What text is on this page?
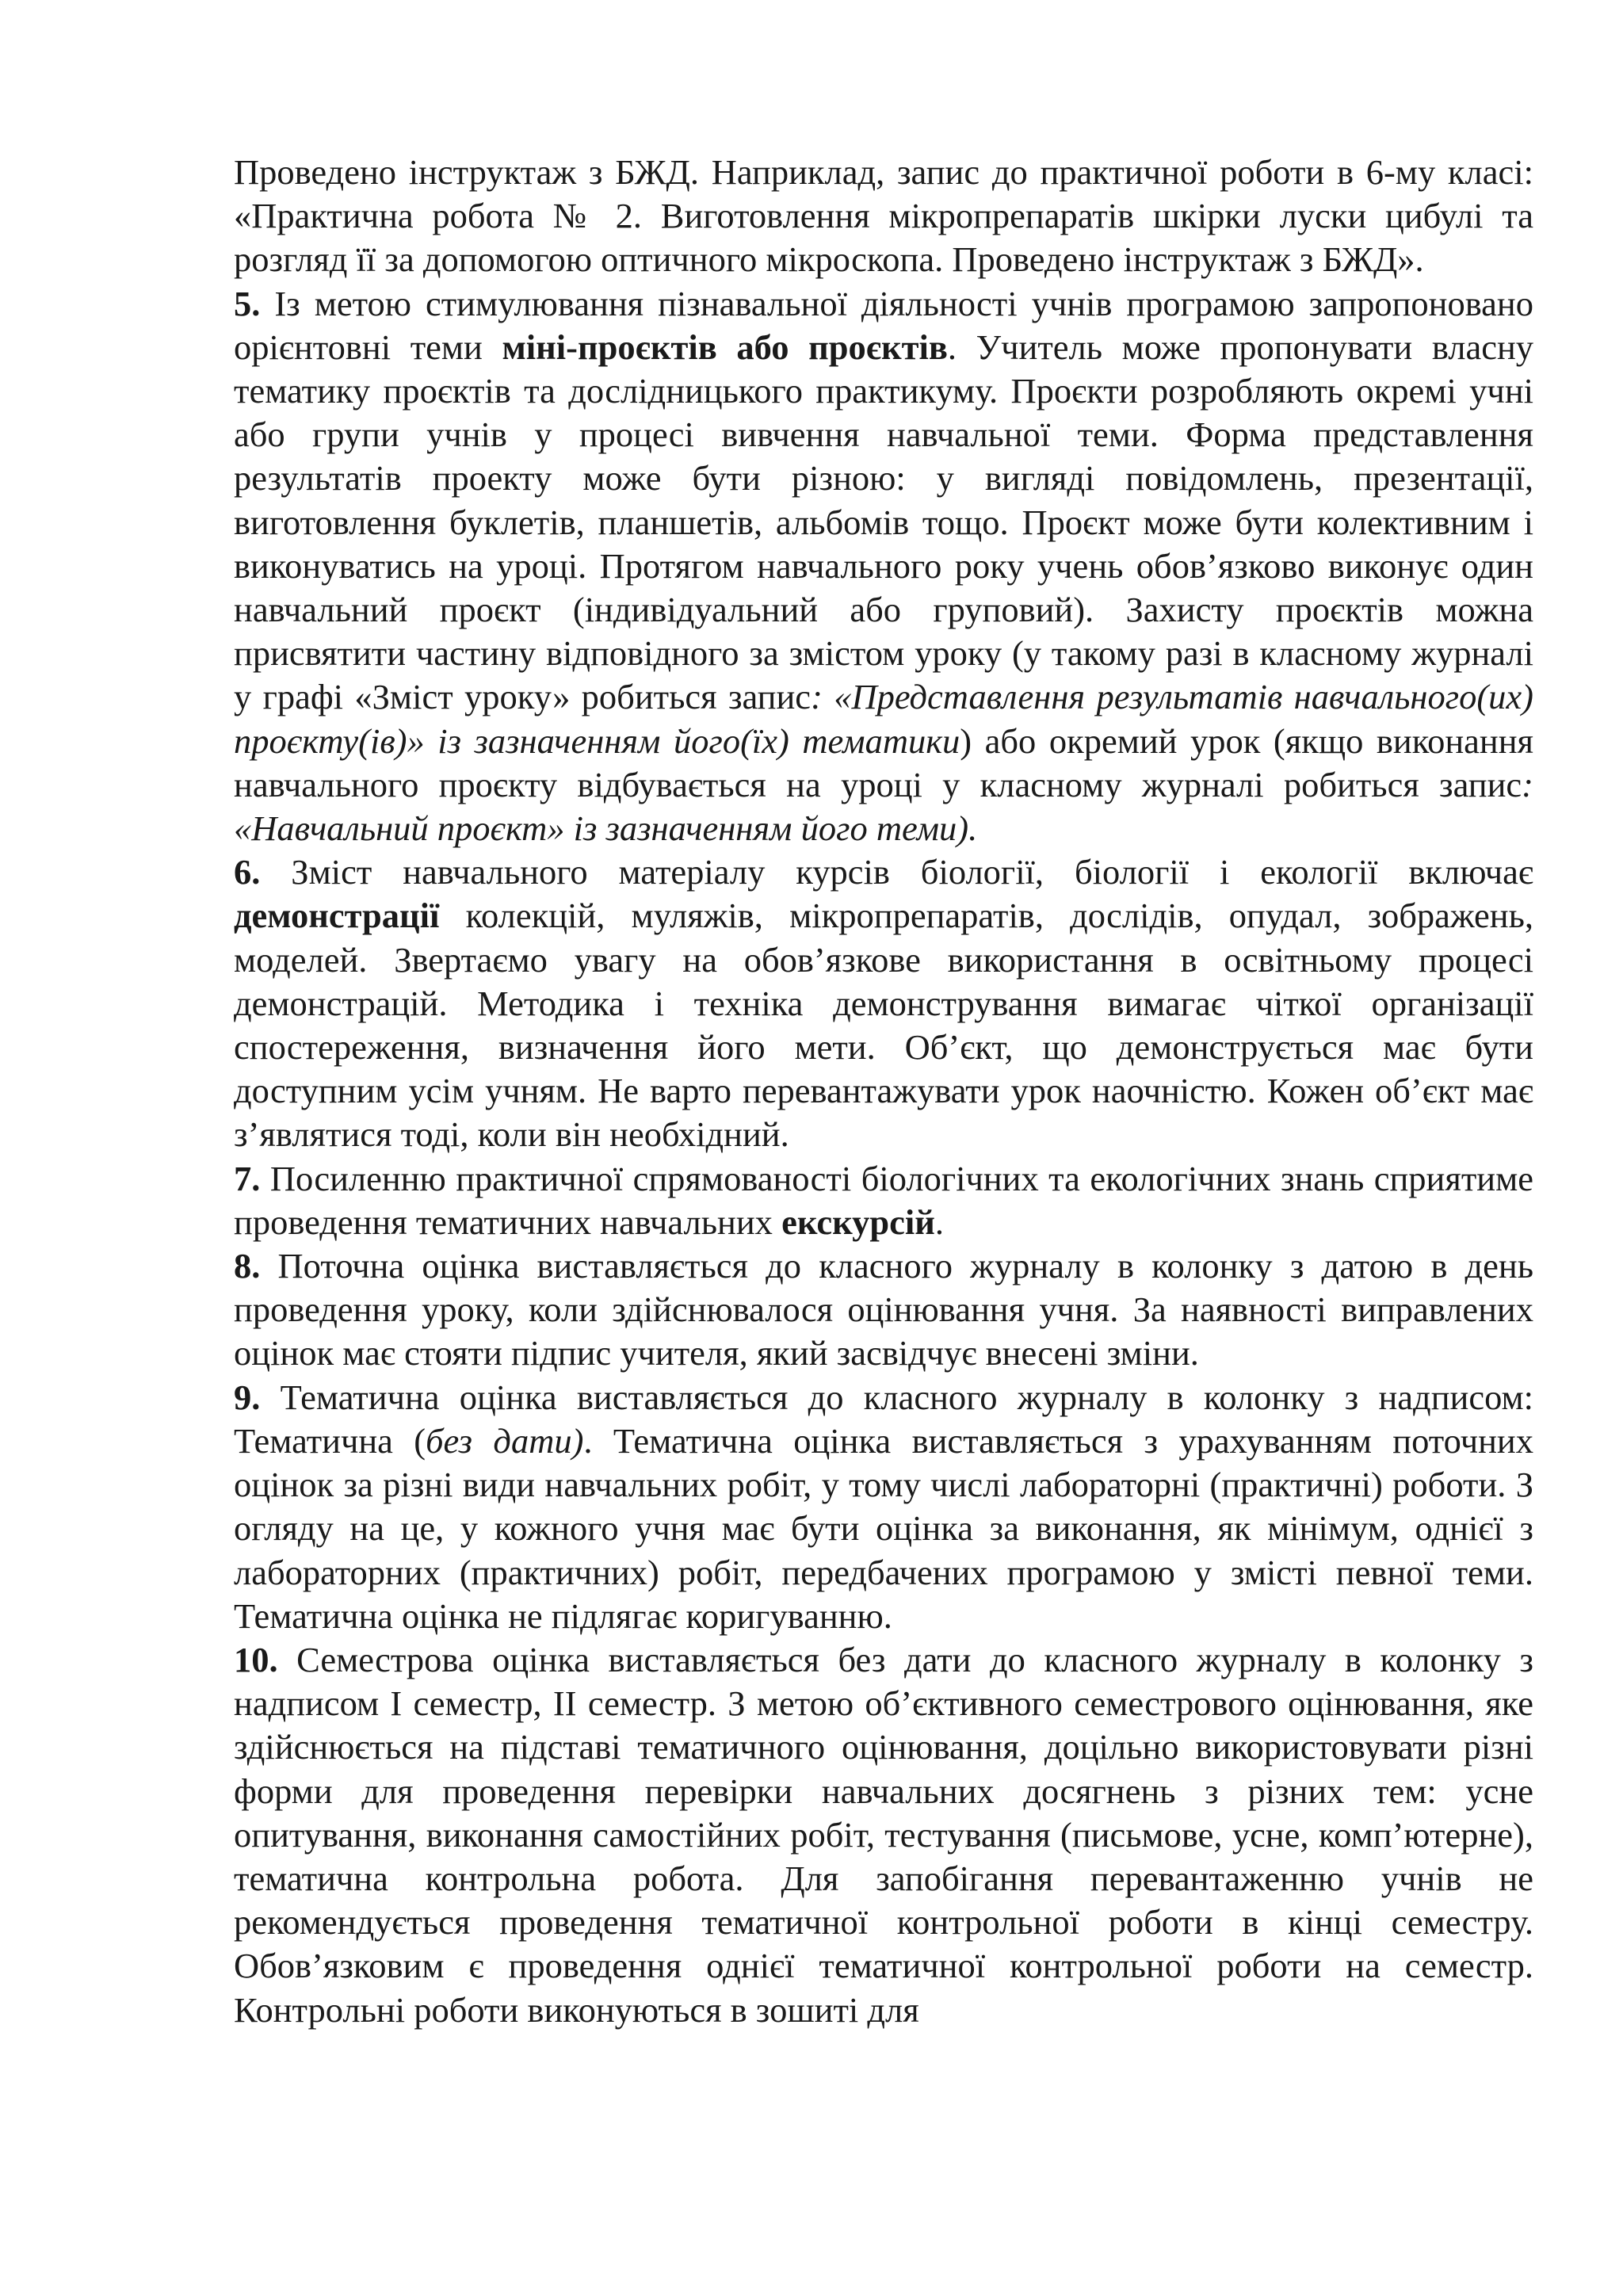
Проведено інструктаж з БЖД. Наприклад, запис до практичної роботи в 6-му класі: «Практична робота № 2. Виготовлення мікропрепаратів шкірки луски цибулі та розгляд її за допомогою оптичного мікроскопа. Проведено інструктаж з БЖД».

5. Із метою стимулювання пізнавальної діяльності учнів програмою запропоновано орієнтовні теми міні-проєктів або проєктів. Учитель може пропонувати власну тематику проєктів та дослідницького практикуму. Проєкти розробляють окремі учні або групи учнів у процесі вивчення навчальної теми. Форма представлення результатів проекту може бути різною: у вигляді повідомлень, презентації, виготовлення буклетів, планшетів, альбомів тощо. Проєкт може бути колективним і виконуватись на уроці. Протягом навчального року учень обов’язково виконує один навчальний проєкт (індивідуальний або груповий). Захисту проєктів можна присвятити частину відповідного за змістом уроку (у такому разі в класному журналі у графі «Зміст уроку» робиться запис: «Представлення результатів навчального(их) проєкту(ів)» із зазначенням його(їх) тематики) або окремий урок (якщо виконання навчального проєкту відбувається на уроці у класному журналі робиться запис: «Навчальний проєкт» із зазначенням його теми).

6. Зміст навчального матеріалу курсів біології, біології і екології включає демонстрації колекцій, муляжів, мікропрепаратів, дослідів, опудал, зображень, моделей. Звертаємо увагу на обов’язкове використання в освітньому процесі демонстрацій. Методика і техніка демонстрування вимагає чіткої організації спостереження, визначення його мети. Об’єкт, що демонструється має бути доступним усім учням. Не варто перевантажувати урок наочністю. Кожен об’єкт має з’являтися тоді, коли він необхідний.

7. Посиленню практичної спрямованості біологічних та екологічних знань сприятиме проведення тематичних навчальних екскурсій.

8. Поточна оцінка виставляється до класного журналу в колонку з датою в день проведення уроку, коли здійснювалося оцінювання учня. За наявності виправлених оцінок має стояти підпис учителя, який засвідчує внесені зміни.

9. Тематична оцінка виставляється до класного журналу в колонку з надписом: Тематична (без дати). Тематична оцінка виставляється з урахуванням поточних оцінок за різні види навчальних робіт, у тому числі лабораторні (практичні) роботи. З огляду на це, у кожного учня має бути оцінка за виконання, як мінімум, однієї з лабораторних (практичних) робіт, передбачених програмою у змісті певної теми. Тематична оцінка не підлягає коригуванню.

10. Семестрова оцінка виставляється без дати до класного журналу в колонку з надписом І семестр, ІІ семестр. З метою об’єктивного семестрового оцінювання, яке здійснюється на підставі тематичного оцінювання, доцільно використовувати різні форми для проведення перевірки навчальних досягнень з різних тем: усне опитування, виконання самостійних робіт, тестування (письмове, усне, комп’ютерне), тематична контрольна робота. Для запобігання перевантаженню учнів не рекомендується проведення тематичної контрольної роботи в кінці семестру. Обов’язковим є проведення однієї тематичної контрольної роботи на семестр. Контрольні роботи виконуються в зошиті для
